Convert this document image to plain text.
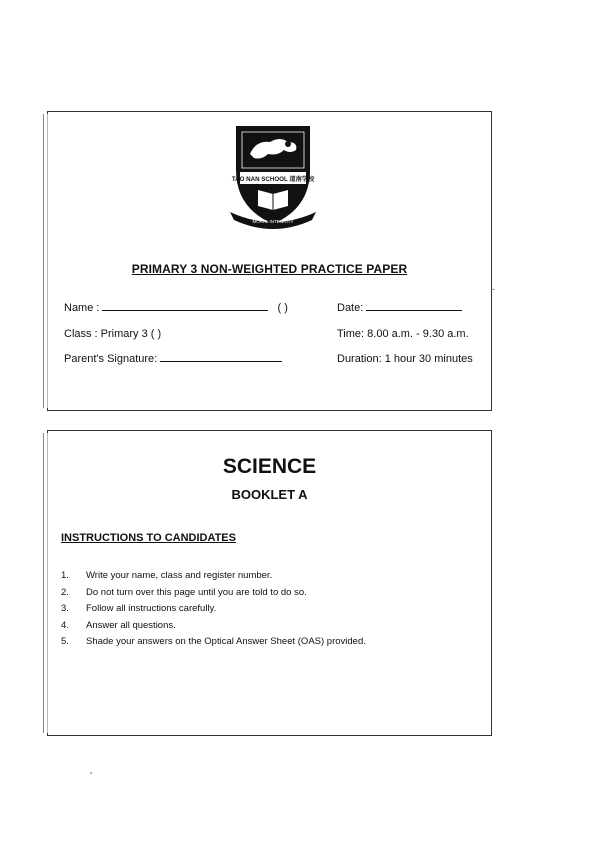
TAO NAN SCHOOL 道南学校
MORAL INTEGRITY
PRIMARY 3 NON-WEIGHTED PRACTICE PAPER
Name :	( )	Date:
Class : Primary 3 ( )	Time: 8.00 a.m. - 9.30 a.m.
Parent's Signature:	Duration: 1 hour 30 minutes
-
SCIENCE
BOOKLET A
INSTRUCTIONS TO CANDIDATES
1.	Write your name, class and register number.
2.	Do not turn over this page until you are told to do so.
3.	Follow all instructions carefully.
4.	Answer all questions.
5.	Shade your answers on the Optical Answer Sheet (OAS) provided.
